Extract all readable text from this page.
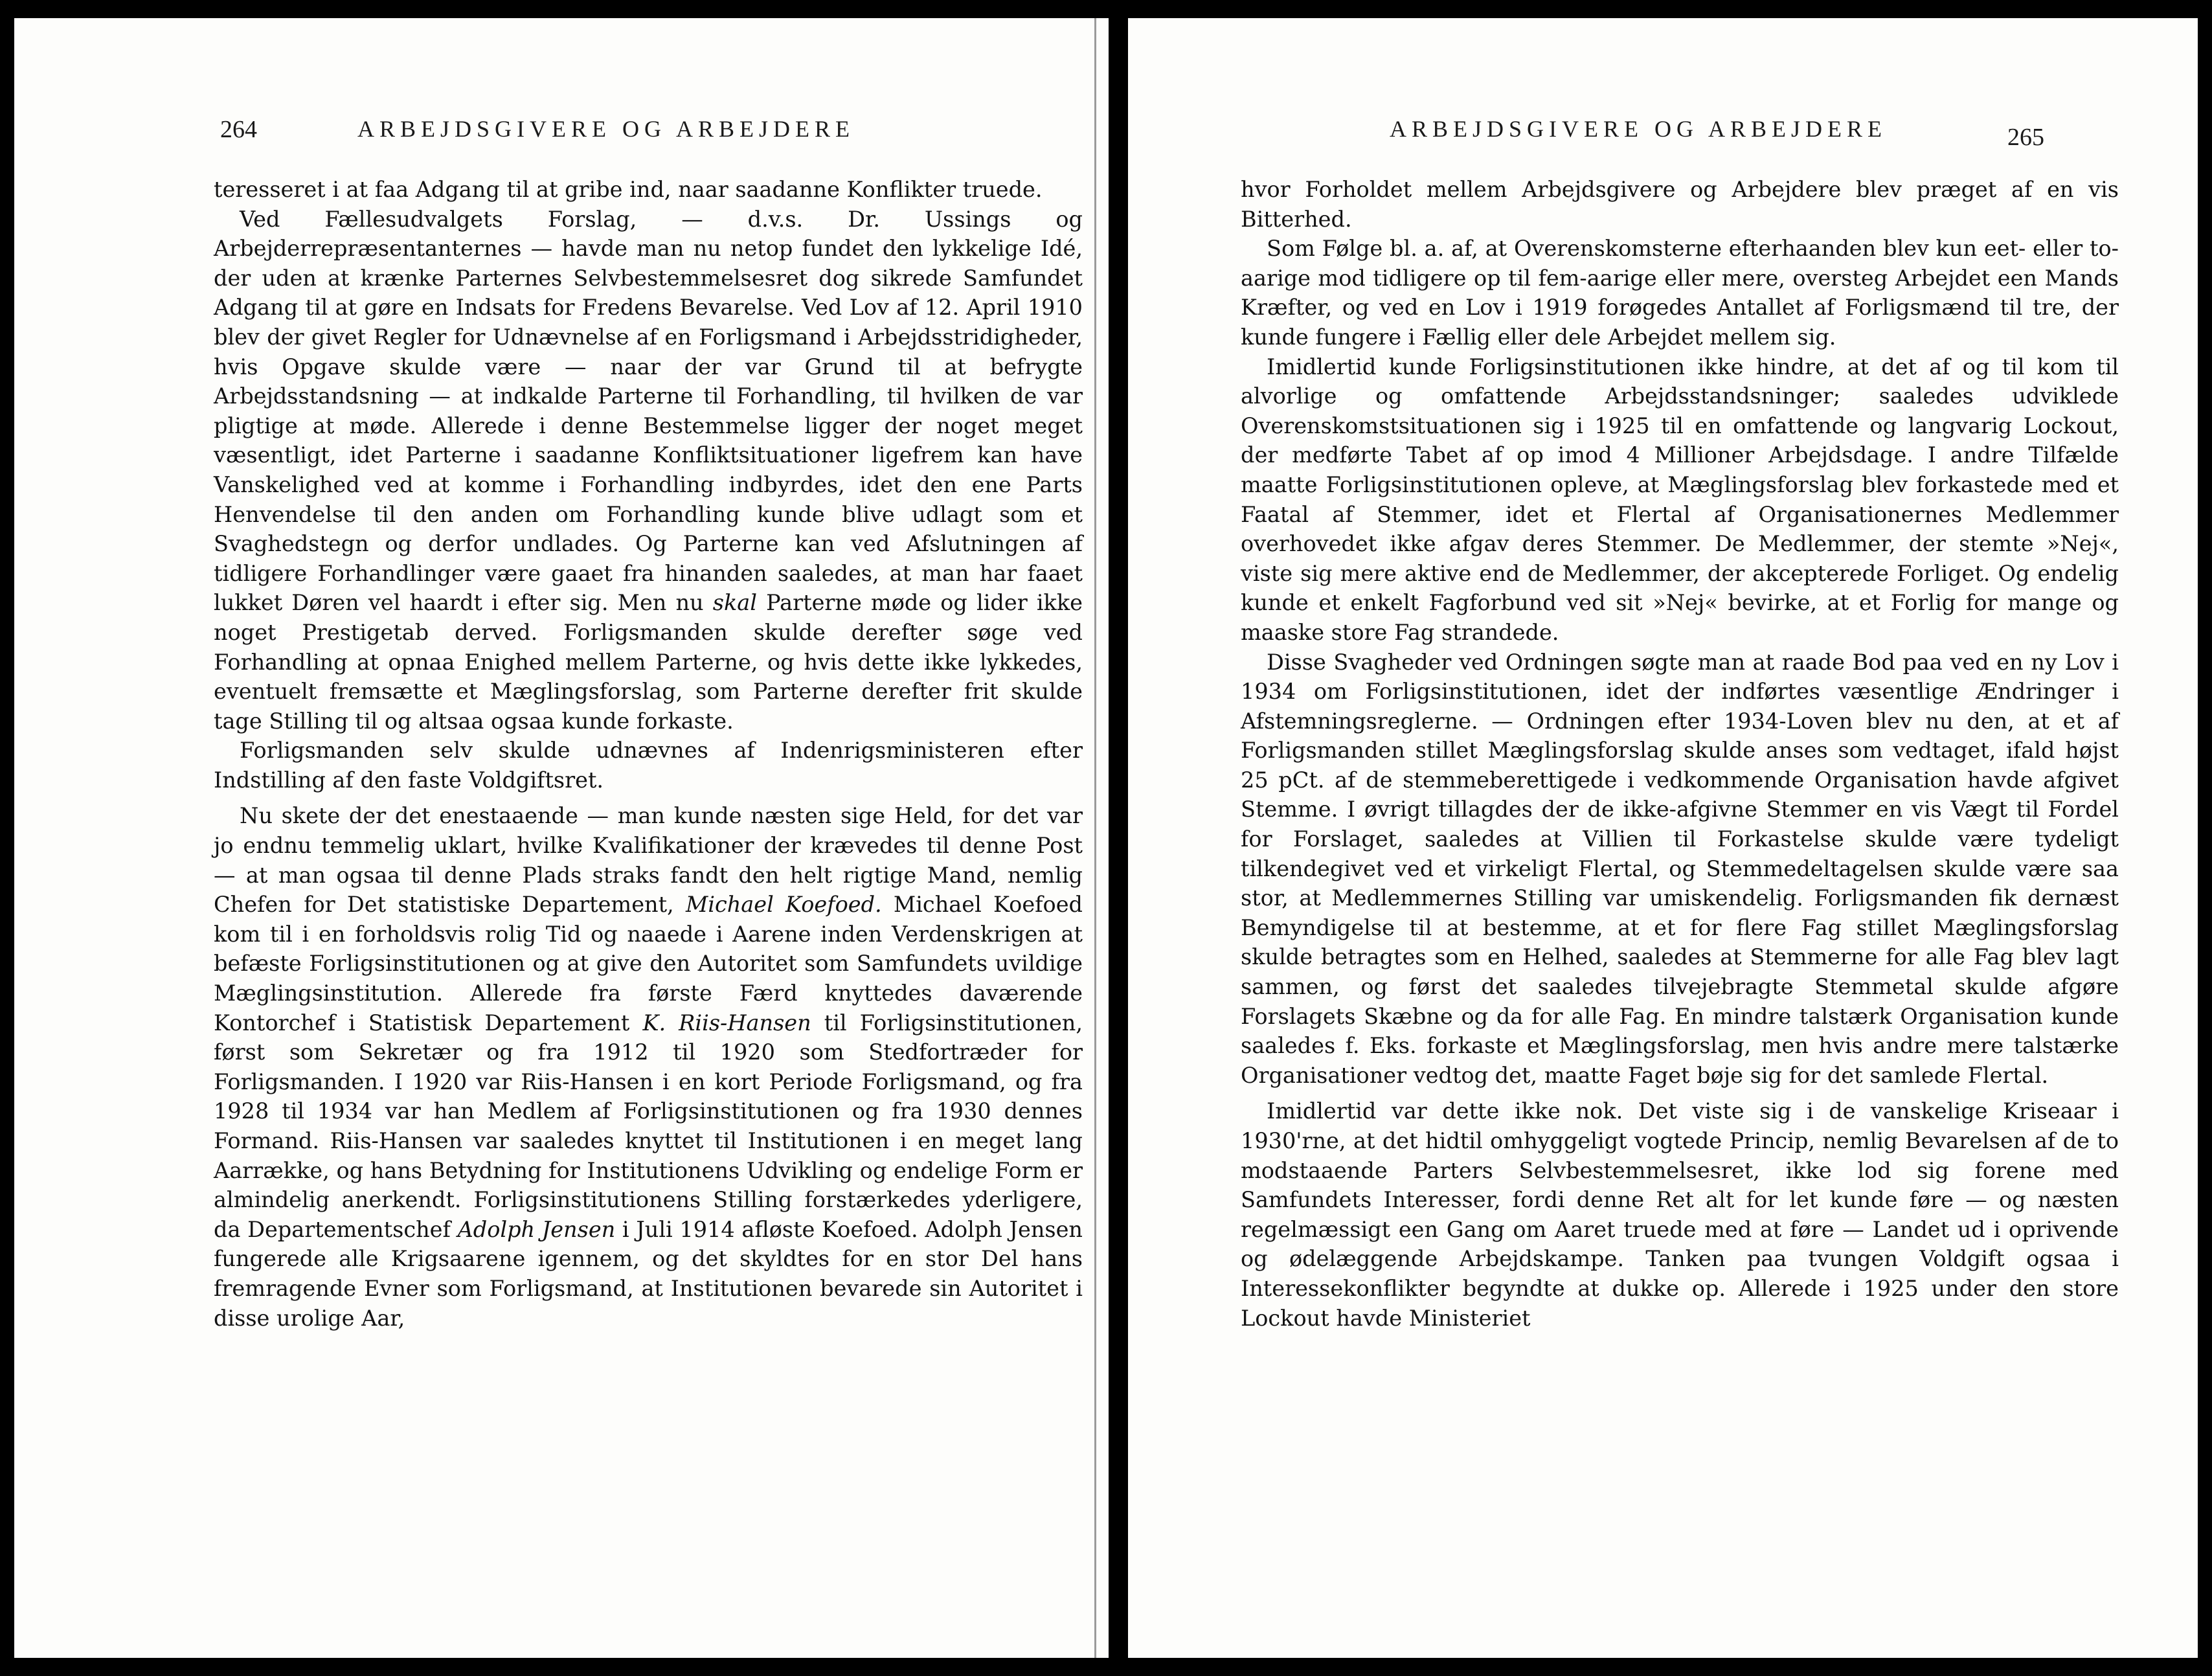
264	ARBEJDSGIVERE OG ARBEJDERE

teresseret i at faa Adgang til at gribe ind, naar saadanne Konflikter truede.

Ved Fællesudvalgets Forslag, — d.v.s. Dr. Ussings og Arbejderrepræsentanternes — havde man nu netop fundet den lykkelige Idé, der uden at krænke Parternes Selvbestemmelsesret dog sikrede Samfundet Adgang til at gøre en Indsats for Fredens Bevarelse. Ved Lov af 12. April 1910 blev der givet Regler for Udnævnelse af en Forligsmand i Arbejdsstridigheder, hvis Opgave skulde være — naar der var Grund til at befrygte Arbejdsstandsning — at indkalde Parterne til Forhandling, til hvilken de var pligtige at møde. Allerede i denne Bestemmelse ligger der noget meget væsentligt, idet Parterne i saadanne Konfliktsituationer ligefrem kan have Vanskelighed ved at komme i Forhandling indbyrdes, idet den ene Parts Henvendelse til den anden om Forhandling kunde blive udlagt som et Svaghedstegn og derfor undlades. Og Parterne kan ved Afslutningen af tidligere Forhandlinger være gaaet fra hinanden saaledes, at man har faaet lukket Døren vel haardt i efter sig. Men nu skal Parterne møde og lider ikke noget Prestigetab derved. Forligsmanden skulde derefter søge ved Forhandling at opnaa Enighed mellem Parterne, og hvis dette ikke lykkedes, eventuelt fremsætte et Mæglingsforslag, som Parterne derefter frit skulde tage Stilling til og altsaa ogsaa kunde forkaste.

Forligsmanden selv skulde udnævnes af Indenrigsministeren efter Indstilling af den faste Voldgiftsret.

Nu skete der det enestaaende — man kunde næsten sige Held, for det var jo endnu temmelig uklart, hvilke Kvalifikationer der krævedes til denne Post — at man ogsaa til denne Plads straks fandt den helt rigtige Mand, nemlig Chefen for Det statistiske Departement, Michael Koefoed. Michael Koefoed kom til i en forholdsvis rolig Tid og naaede i Aarene inden Verdenskrigen at befæste Forligsinstitutionen og at give den Autoritet som Samfundets uvildige Mæglingsinstitution. Allerede fra første Færd knyttedes daværende Kontorchef i Statistisk Departement K. Riis-Hansen til Forligsinstitutionen, først som Sekretær og fra 1912 til 1920 som Stedfortræder for Forligsmanden. I 1920 var Riis-Hansen i en kort Periode Forligsmand, og fra 1928 til 1934 var han Medlem af Forligsinstitutionen og fra 1930 dennes Formand. Riis-Hansen var saaledes knyttet til Institutionen i en meget lang Aarrække, og hans Betydning for Institutionens Udvikling og endelige Form er almindelig anerkendt. Forligsinstitutionens Stilling forstærkedes yderligere, da Departementschef Adolph Jensen i Juli 1914 afløste Koefoed. Adolph Jensen fungerede alle Krigsaarene igennem, og det skyldtes for en stor Del hans fremragende Evner som Forligsmand, at Institutionen bevarede sin Autoritet i disse urolige Aar,

ARBEJDSGIVERE OG ARBEJDERE	265

hvor Forholdet mellem Arbejdsgivere og Arbejdere blev præget af en vis Bitterhed.

Som Følge bl. a. af, at Overenskomsterne efterhaanden blev kun eet- eller to-aarige mod tidligere op til fem-aarige eller mere, oversteg Arbejdet een Mands Kræfter, og ved en Lov i 1919 forøgedes Antallet af Forligsmænd til tre, der kunde fungere i Fællig eller dele Arbejdet mellem sig.

Imidlertid kunde Forligsinstitutionen ikke hindre, at det af og til kom til alvorlige og omfattende Arbejdsstandsninger; saaledes udviklede Overenskomstsituationen sig i 1925 til en omfattende og langvarig Lockout, der medførte Tabet af op imod 4 Millioner Arbejdsdage. I andre Tilfælde maatte Forligsinstitutionen opleve, at Mæglingsforslag blev forkastede med et Faatal af Stemmer, idet et Flertal af Organisationernes Medlemmer overhovedet ikke afgav deres Stemmer. De Medlemmer, der stemte »Nej«, viste sig mere aktive end de Medlemmer, der akcepterede Forliget. Og endelig kunde et enkelt Fagforbund ved sit »Nej« bevirke, at et Forlig for mange og maaske store Fag strandede.

Disse Svagheder ved Ordningen søgte man at raade Bod paa ved en ny Lov i 1934 om Forligsinstitutionen, idet der indførtes væsentlige Ændringer i Afstemningsreglerne. — Ordningen efter 1934-Loven blev nu den, at et af Forligsmanden stillet Mæglingsforslag skulde anses som vedtaget, ifald højst 25 pCt. af de stemmeberettigede i vedkommende Organisation havde afgivet Stemme. I øvrigt tillagdes der de ikke-afgivne Stemmer en vis Vægt til Fordel for Forslaget, saaledes at Villien til Forkastelse skulde være tydeligt tilkendegivet ved et virkeligt Flertal, og Stemmedeltagelsen skulde være saa stor, at Medlemmernes Stilling var umiskendelig. Forligsmanden fik dernæst Bemyndigelse til at bestemme, at et for flere Fag stillet Mæglingsforslag skulde betragtes som en Helhed, saaledes at Stemmerne for alle Fag blev lagt sammen, og først det saaledes tilvejebragte Stemmetal skulde afgøre Forslagets Skæbne og da for alle Fag. En mindre talstærk Organisation kunde saaledes f. Eks. forkaste et Mæglingsforslag, men hvis andre mere talstærke Organisationer vedtog det, maatte Faget bøje sig for det samlede Flertal.

Imidlertid var dette ikke nok. Det viste sig i de vanskelige Kriseaar i 1930'rne, at det hidtil omhyggeligt vogtede Princip, nemlig Bevarelsen af de to modstaaende Parters Selvbestemmelsesret, ikke lod sig forene med Samfundets Interesser, fordi denne Ret alt for let kunde føre — og næsten regelmæssigt een Gang om Aaret truede med at føre — Landet ud i oprivende og ødelæggende Arbejdskampe. Tanken paa tvungen Voldgift ogsaa i Interessekonflikter begyndte at dukke op. Allerede i 1925 under den store Lockout havde Ministeriet
